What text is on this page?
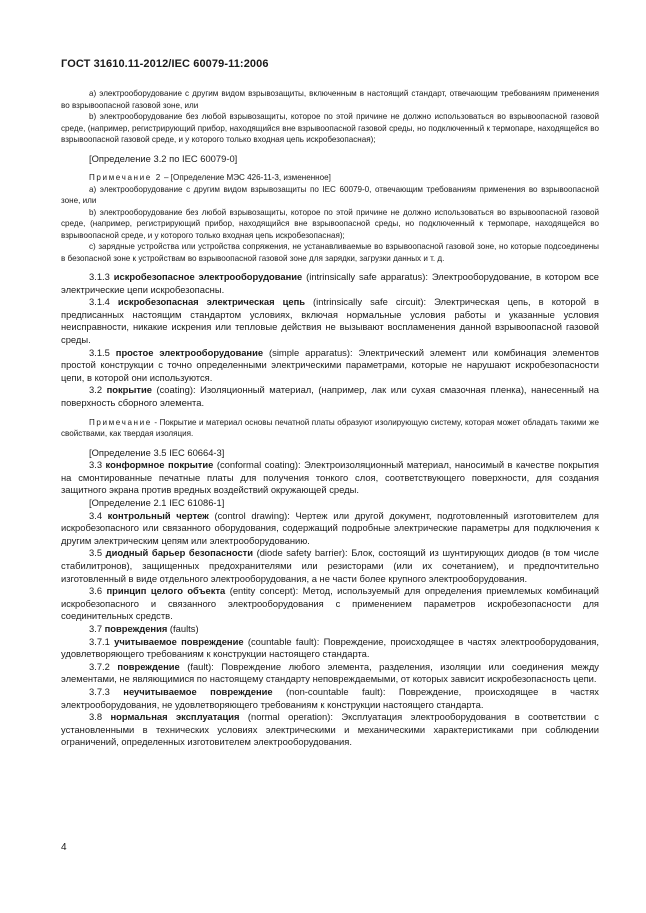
ГОСТ 31610.11-2012/IEC 60079-11:2006

a) электрооборудование с другим видом взрывозащиты, включенным в настоящий стандарт, отвечающим требованиям применения во взрывоопасной газовой зоне, или

b) электрооборудование без любой взрывозащиты, которое по этой причине не должно использоваться во взрывоопасной газовой среде, (например, регистрирующий прибор, находящийся вне взрывоопасной газовой среды, но подключенный к термопаре, находящейся во взрывоопасной газовой среде, и у которого только входная цепь искробезопасная);

[Определение 3.2 по IEC 60079-0]

Примечание 2 – [Определение МЭС 426-11-3, измененное]

a) электрооборудование с другим видом взрывозащиты по IEC 60079-0, отвечающим требованиям применения во взрывоопасной зоне, или

b) электрооборудование без любой взрывозащиты, которое по этой причине не должно использоваться во взрывоопасной газовой среде, (например, регистрирующий прибор, находящийся вне взрывоопасной среды, но подключенный к термопаре, находящейся во взрывоопасной среде, и у которого только входная цепь искробезопасная);

c) зарядные устройства или устройства сопряжения, не устанавливаемые во взрывоопасной газовой зоне, но которые подсоединены в безопасной зоне к устройствам во взрывоопасной газовой зоне для зарядки, загрузки данных и т. д.

3.1.3 искробезопасное электрооборудование (intrinsically safe apparatus): Электрооборудование, в котором все электрические цепи искробезопасны.

3.1.4 искробезопасная электрическая цепь (intrinsically safe circuit): Электрическая цепь, в которой в предписанных настоящим стандартом условиях, включая нормальные условия работы и указанные условия неисправности, никакие искрения или тепловые действия не вызывают воспламенения данной взрывоопасной газовой среды.

3.1.5 простое электрооборудование (simple apparatus): Электрический элемент или комбинация элементов простой конструкции с точно определенными электрическими параметрами, которые не нарушают искробезопасности цепи, в которой они используются.

3.2 покрытие (coating): Изоляционный материал, (например, лак или сухая смазочная пленка), нанесенный на поверхность сборного элемента.

Примечание - Покрытие и материал основы печатной платы образуют изолирующую систему, которая может обладать такими же свойствами, как твердая изоляция.

[Определение 3.5 IEC 60664-3]

3.3 конформное покрытие (conformal coating): Электроизоляционный материал, наносимый в качестве покрытия на смонтированные печатные платы для получения тонкого слоя, соответствующего поверхности, для создания защитного экрана против вредных воздействий окружающей среды.

[Определение 2.1 IEC 61086-1]

3.4 контрольный чертеж (control drawing): Чертеж или другой документ, подготовленный изготовителем для искробезопасного или связанного оборудования, содержащий подробные электрические параметры для подключения к другим электрическим цепям или электрооборудованию.

3.5 диодный барьер безопасности (diode safety barrier): Блок, состоящий из шунтирующих диодов (в том числе стабилитронов), защищенных предохранителями или резисторами (или их сочетанием), и предпочтительно изготовленный в виде отдельного электрооборудования, а не части более крупного электрооборудования.

3.6 принцип целого объекта (entity concept): Метод, используемый для определения приемлемых комбинаций искробезопасного и связанного электрооборудования с применением параметров искробезопасности для соединительных средств.

3.7 повреждения (faults)

3.7.1 учитываемое повреждение (countable fault): Повреждение, происходящее в частях электрооборудования, удовлетворяющего требованиям к конструкции настоящего стандарта.

3.7.2 повреждение (fault): Повреждение любого элемента, разделения, изоляции или соединения между элементами, не являющимися по настоящему стандарту неповреждаемыми, от которых зависит искробезопасность цепи.

3.7.3 неучитываемое повреждение (non-countable fault): Повреждение, происходящее в частях электрооборудования, не удовлетворяющего требованиям к конструкции настоящего стандарта.

3.8 нормальная эксплуатация (normal operation): Эксплуатация электрооборудования в соответствии с установленными в технических условиях электрическими и механическими характеристиками при соблюдении ограничений, определенных изготовителем электрооборудования.

4
